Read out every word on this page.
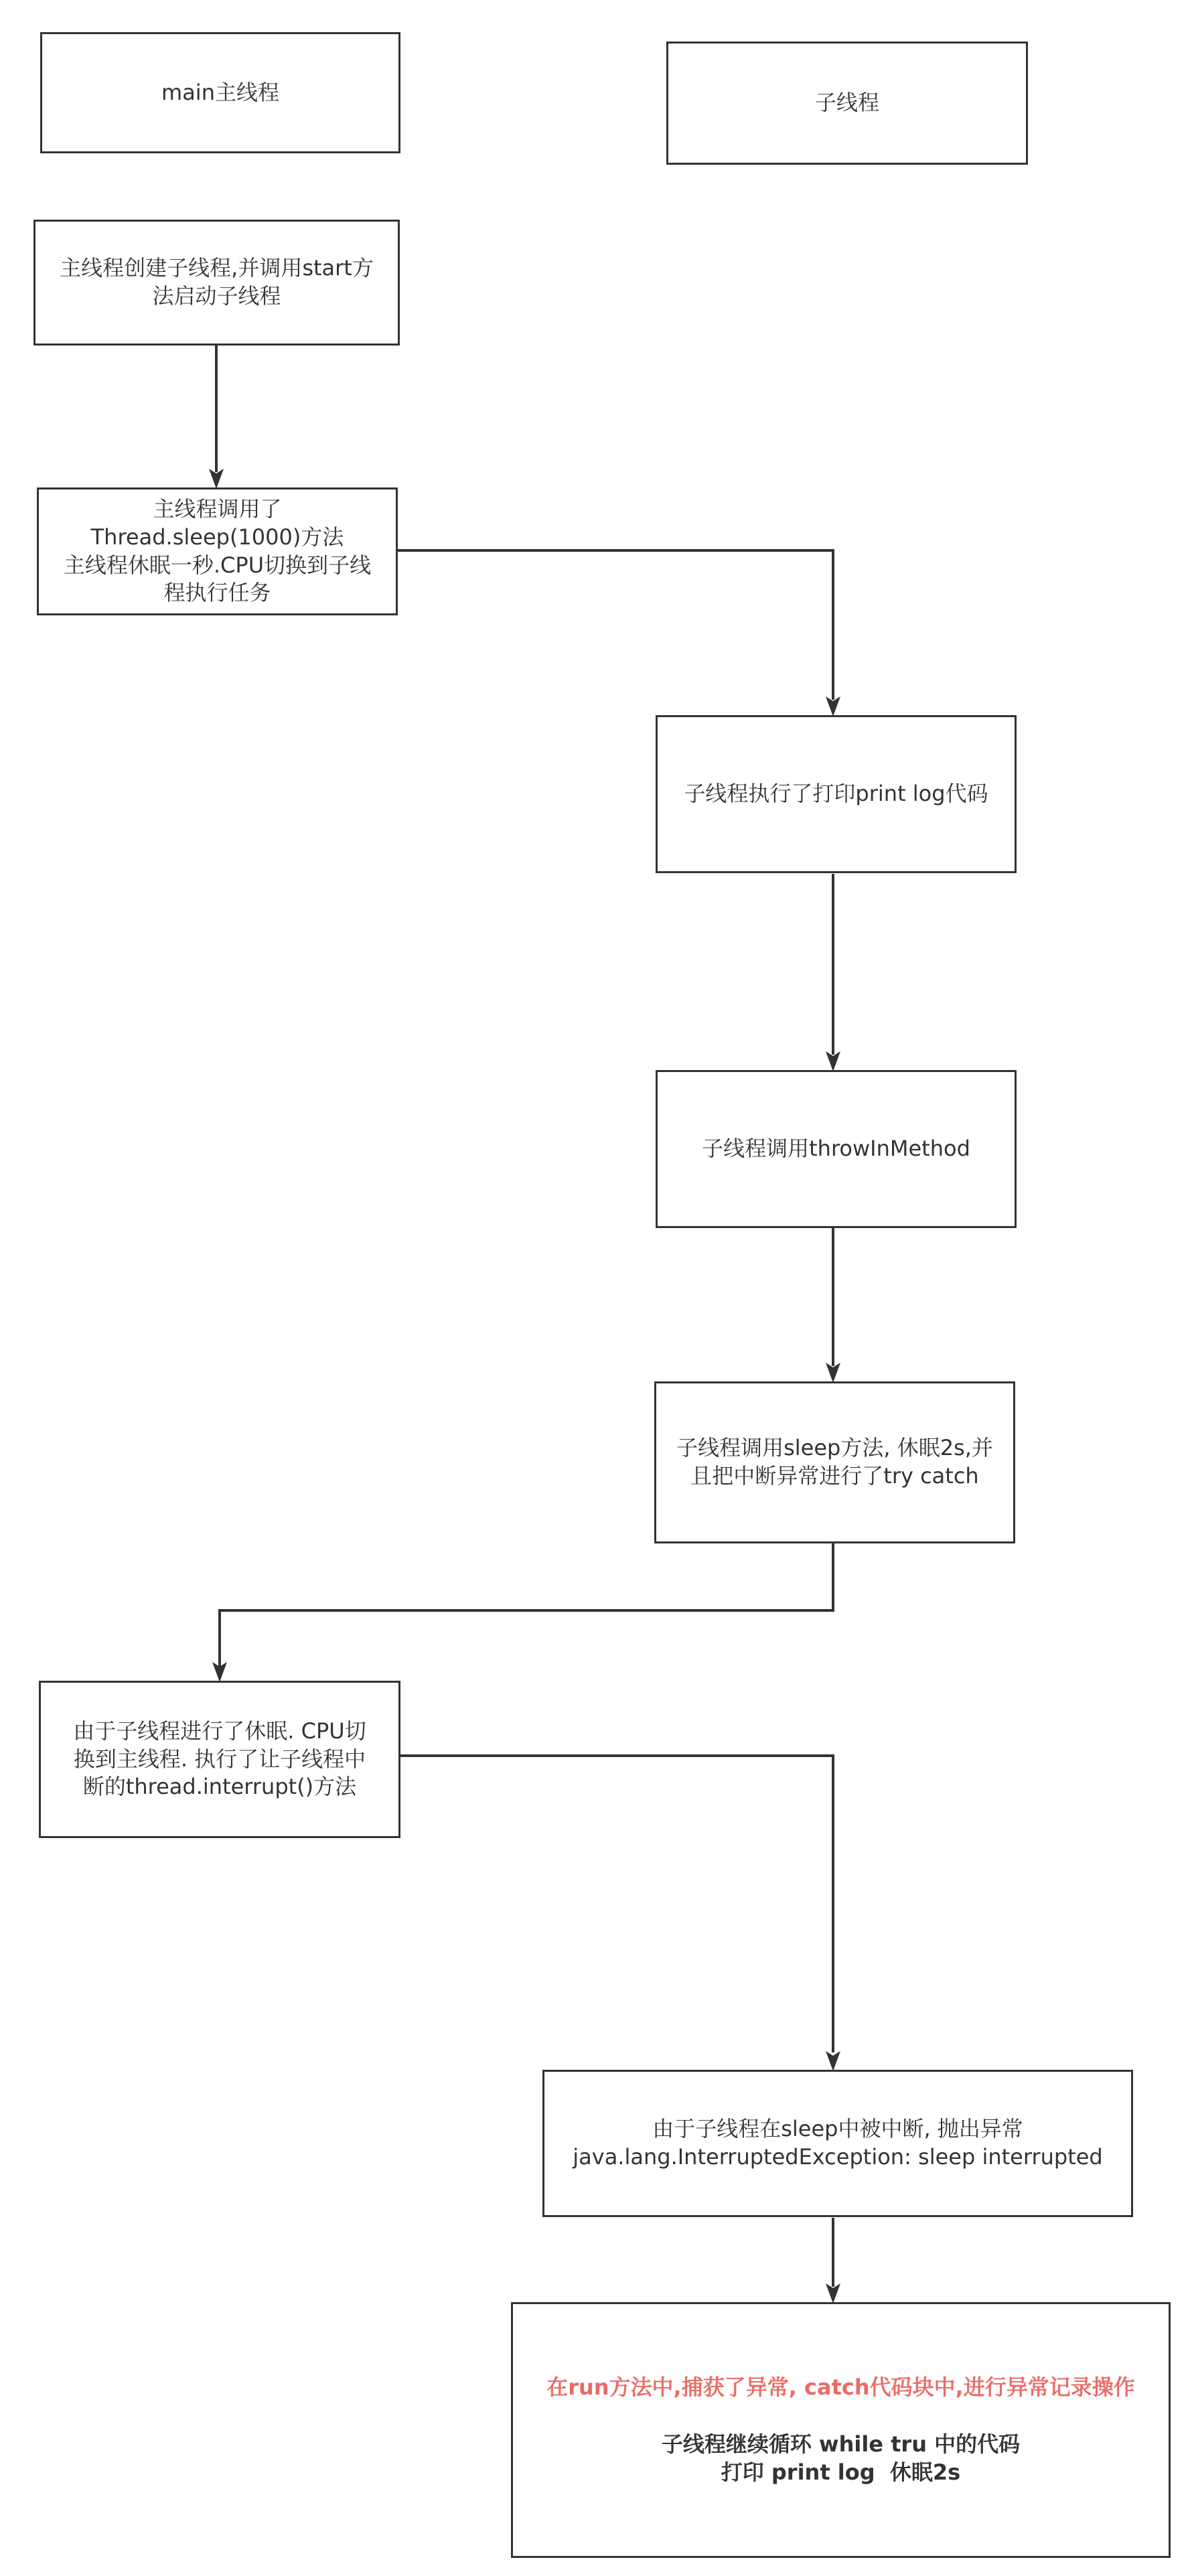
main主线程	子线程
主线程创建子线程,并调用start方
法启动子线程
主线程调用了
Thread.sleep(1000)方法
主线程休眠一秒.CPU切换到子线
程执行任务
子线程执行了打印print log代码
子线程调用throwInMethod
子线程调用sleep方法, 休眠2s,并
且把中断异常进行了try catch
由于子线程进行了休眠. CPU切
换到主线程. 执行了让子线程中
断的thread.interrupt()方法
由于子线程在sleep中被中断, 抛出异常
java.lang.InterruptedException: sleep interrupted
在run方法中,捕获了异常, catch代码块中,进行异常记录操作
子线程继续循环 while tru 中的代码
打印 print log  休眠2s
